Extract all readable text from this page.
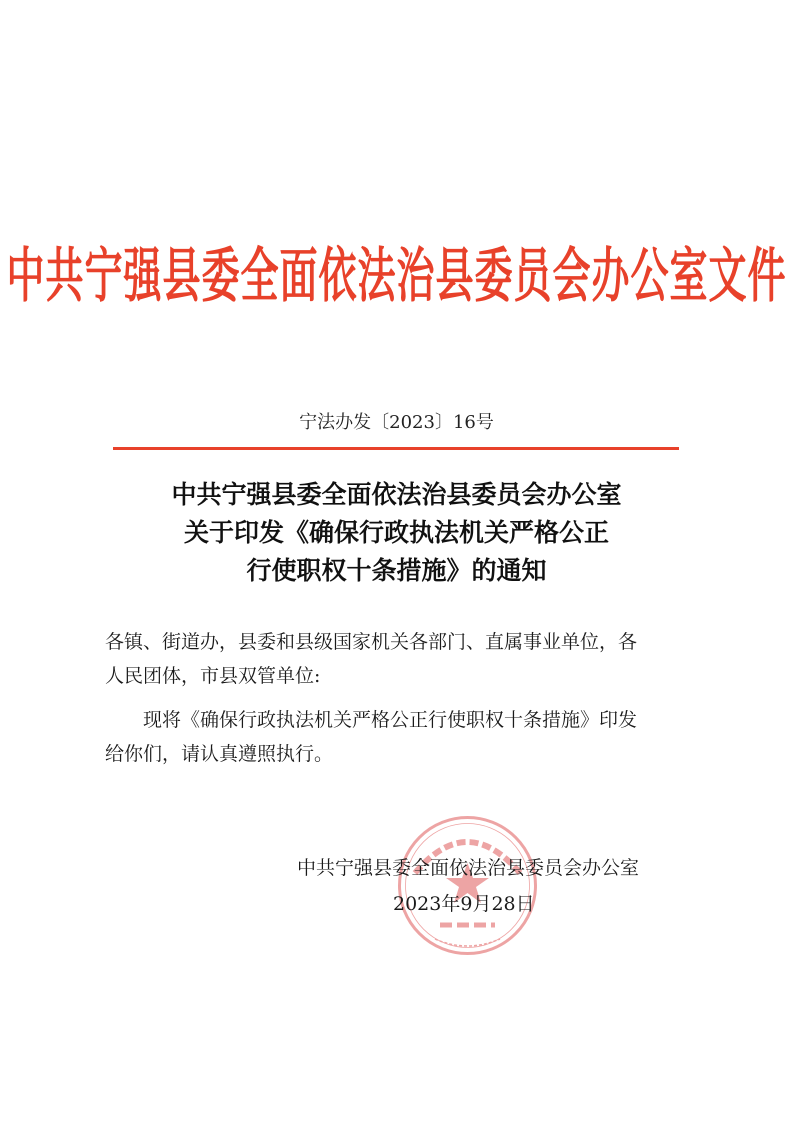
中共宁强县委全面依法治县委员会办公室文件
宁法办发〔2023〕16号
中共宁强县委全面依法治县委员会办公室
关于印发《确保行政执法机关严格公正
行使职权十条措施》的通知
各镇、街道办，县委和县级国家机关各部门、直属事业单位，各
人民团体，市县双管单位:
现将《确保行政执法机关严格公正行使职权十条措施》印发
给你们，请认真遵照执行。
中共宁强县委全面依法治县委员会办公室
2023年9月28日
